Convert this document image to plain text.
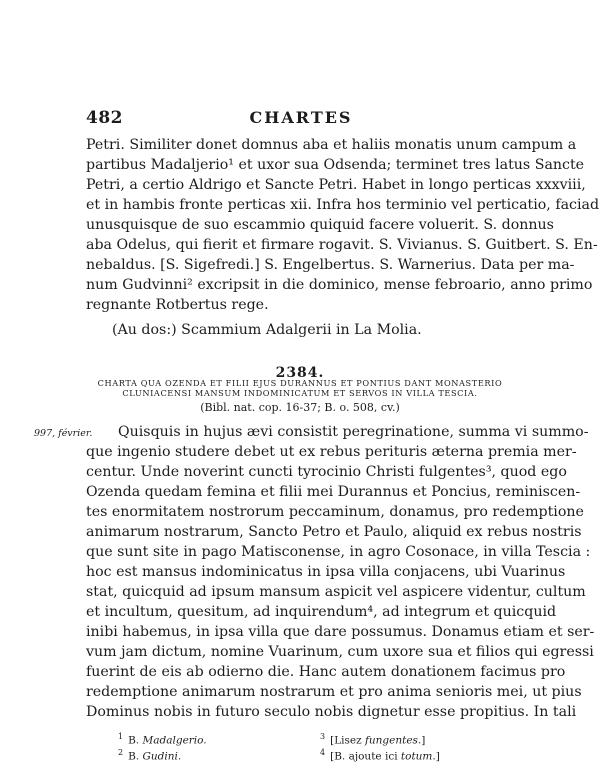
482	CHARTES
Petri. Similiter donet domnus aba et haliis monatis unum campum a
partibus Madaljerio¹ et uxor sua Odsenda; terminet tres latus Sancte
Petri, a certio Aldrigo et Sancte Petri. Habet in longo perticas xxxviii,
et in hambis fronte perticas xii. Infra hos terminio vel perticatio, faciad
unusquisque de suo escammio quiquid facere voluerit. S. donnus
aba Odelus, qui fierit et firmare rogavit. S. Vivianus. S. Guitbert. S. En-
nebaldus. [S. Sigefredi.] S. Engelbertus. S. Warnerius. Data per ma-
num Gudvinni² excripsit in die dominico, mense febroario, anno primo
regnante Rotbertus rege.
(Au dos:) Scammium Adalgerii in La Molia.
2384.
CHARTA QUA OZENDA ET FILII EJUS DURANNUS ET PONTIUS DANT MONASTERIO
CLUNIACENSI MANSUM INDOMINICATUM ET SERVOS IN VILLA TESCIA.
(Bibl. nat. cop. 16-37; B. o. 508, cv.)
997, février. Quisquis in hujus ævi consistit peregrinatione, summa vi summo-
que ingenio studere debet ut ex rebus perituris æterna premia mer-
centur. Unde noverint cuncti tyrocinio Christi fulgentes³, quod ego
Ozenda quedam femina et filii mei Durannus et Poncius, reminiscen-
tes enormitatem nostrorum peccaminum, donamus, pro redemptione
animarum nostrarum, Sancto Petro et Paulo, aliquid ex rebus nostris
que sunt site in pago Matisconense, in agro Cosonace, in villa Tescia :
hoc est mansus indominicatus in ipsa villa conjacens, ubi Vuarinus
stat, quicquid ad ipsum mansum aspicit vel aspicere videntur, cultum
et incultum, quesitum, ad inquirendum⁴, ad integrum et quicquid
inibi habemus, in ipsa villa que dare possumus. Donamus etiam et ser-
vum jam dictum, nomine Vuarinum, cum uxore sua et filios qui egressi
fuerint de eis ab odierno die. Hanc autem donationem facimus pro
redemptione animarum nostrarum et pro anima senioris mei, ut pius
Dominus nobis in futuro seculo nobis dignetur esse propitius. In tali
$^1$ B. Madalgerio.
$^2$ B. Gudini.
$^3$ [Lisez fungentes.]
$^4$ [B. ajoute ici totum.]
